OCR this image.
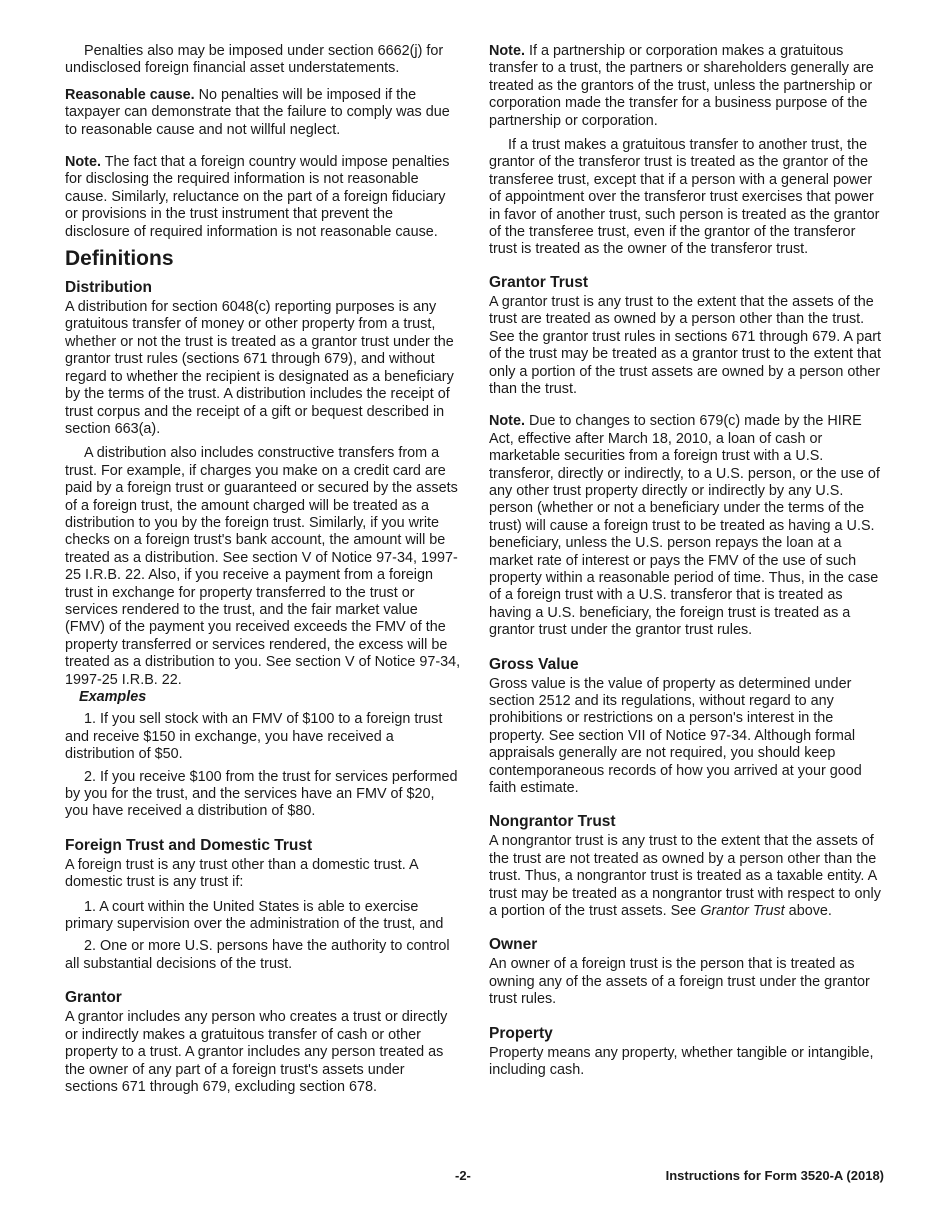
Penalties also may be imposed under section 6662(j) for undisclosed foreign financial asset understatements.

Reasonable cause. No penalties will be imposed if the taxpayer can demonstrate that the failure to comply was due to reasonable cause and not willful neglect.

Note. The fact that a foreign country would impose penalties for disclosing the required information is not reasonable cause. Similarly, reluctance on the part of a foreign fiduciary or provisions in the trust instrument that prevent the disclosure of required information is not reasonable cause.

Definitions
Distribution

A distribution for section 6048(c) reporting purposes is any gratuitous transfer of money or other property from a trust, whether or not the trust is treated as a grantor trust under the grantor trust rules (sections 671 through 679), and without regard to whether the recipient is designated as a beneficiary by the terms of the trust. A distribution includes the receipt of trust corpus and the receipt of a gift or bequest described in section 663(a).

A distribution also includes constructive transfers from a trust. For example, if charges you make on a credit card are paid by a foreign trust or guaranteed or secured by the assets of a foreign trust, the amount charged will be treated as a distribution to you by the foreign trust. Similarly, if you write checks on a foreign trust's bank account, the amount will be treated as a distribution. See section V of Notice 97-34, 1997-25 I.R.B. 22. Also, if you receive a payment from a foreign trust in exchange for property transferred to the trust or services rendered to the trust, and the fair market value (FMV) of the payment you received exceeds the FMV of the property transferred or services rendered, the excess will be treated as a distribution to you. See section V of Notice 97-34, 1997-25 I.R.B. 22.

Examples

1. If you sell stock with an FMV of $100 to a foreign trust and receive $150 in exchange, you have received a distribution of $50.

2. If you receive $100 from the trust for services performed by you for the trust, and the services have an FMV of $20, you have received a distribution of $80.

Foreign Trust and Domestic Trust

A foreign trust is any trust other than a domestic trust. A domestic trust is any trust if:

1. A court within the United States is able to exercise primary supervision over the administration of the trust, and

2. One or more U.S. persons have the authority to control all substantial decisions of the trust.

Grantor

A grantor includes any person who creates a trust or directly or indirectly makes a gratuitous transfer of cash or other property to a trust. A grantor includes any person treated as the owner of any part of a foreign trust's assets under sections 671 through 679, excluding section 678.

Note. If a partnership or corporation makes a gratuitous transfer to a trust, the partners or shareholders generally are treated as the grantors of the trust, unless the partnership or corporation made the transfer for a business purpose of the partnership or corporation.

If a trust makes a gratuitous transfer to another trust, the grantor of the transferor trust is treated as the grantor of the transferee trust, except that if a person with a general power of appointment over the transferor trust exercises that power in favor of another trust, such person is treated as the grantor of the transferee trust, even if the grantor of the transferor trust is treated as the owner of the transferor trust.

Grantor Trust

A grantor trust is any trust to the extent that the assets of the trust are treated as owned by a person other than the trust. See the grantor trust rules in sections 671 through 679. A part of the trust may be treated as a grantor trust to the extent that only a portion of the trust assets are owned by a person other than the trust.

Note. Due to changes to section 679(c) made by the HIRE Act, effective after March 18, 2010, a loan of cash or marketable securities from a foreign trust with a U.S. transferor, directly or indirectly, to a U.S. person, or the use of any other trust property directly or indirectly by any U.S. person (whether or not a beneficiary under the terms of the trust) will cause a foreign trust to be treated as having a U.S. beneficiary, unless the U.S. person repays the loan at a market rate of interest or pays the FMV of the use of such property within a reasonable period of time. Thus, in the case of a foreign trust with a U.S. transferor that is treated as having a U.S. beneficiary, the foreign trust is treated as a grantor trust under the grantor trust rules.

Gross Value

Gross value is the value of property as determined under section 2512 and its regulations, without regard to any prohibitions or restrictions on a person's interest in the property. See section VII of Notice 97-34. Although formal appraisals generally are not required, you should keep contemporaneous records of how you arrived at your good faith estimate.

Nongrantor Trust

A nongrantor trust is any trust to the extent that the assets of the trust are not treated as owned by a person other than the trust. Thus, a nongrantor trust is treated as a taxable entity. A trust may be treated as a nongrantor trust with respect to only a portion of the trust assets. See Grantor Trust above.

Owner

An owner of a foreign trust is the person that is treated as owning any of the assets of a foreign trust under the grantor trust rules.

Property

Property means any property, whether tangible or intangible, including cash.

-2-	Instructions for Form 3520-A (2018)
